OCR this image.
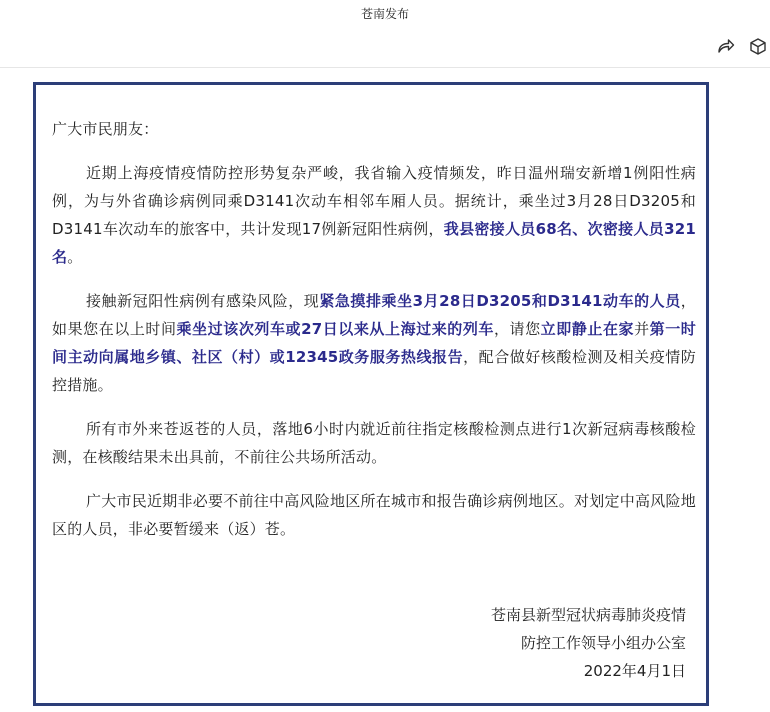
苍南发布

广大市民朋友：

近期上海疫情疫情防控形势复杂严峻，我省输入疫情频发，昨日温州瑞安新增1例阳性病例，为与外省确诊病例同乘D3141次动车相邻车厢人员。据统计，乘坐过3月28日D3205和D3141车次动车的旅客中，共计发现17例新冠阳性病例，我县密接人员68名、次密接人员321名。

接触新冠阳性病例有感染风险，现紧急摸排乘坐3月28日D3205和D3141动车的人员，如果您在以上时间乘坐过该次列车或27日以来从上海过来的列车，请您立即静止在家并第一时间主动向属地乡镇、社区（村）或12345政务服务热线报告，配合做好核酸检测及相关疫情防控措施。

所有市外来苍返苍的人员，落地6小时内就近前往指定核酸检测点进行1次新冠病毒核酸检测，在核酸结果未出具前，不前往公共场所活动。

广大市民近期非必要不前往中高风险地区所在城市和报告确诊病例地区。对划定中高风险地区的人员，非必要暂缓来（返）苍。

苍南县新型冠状病毒肺炎疫情
防控工作领导小组办公室
2022年4月1日
